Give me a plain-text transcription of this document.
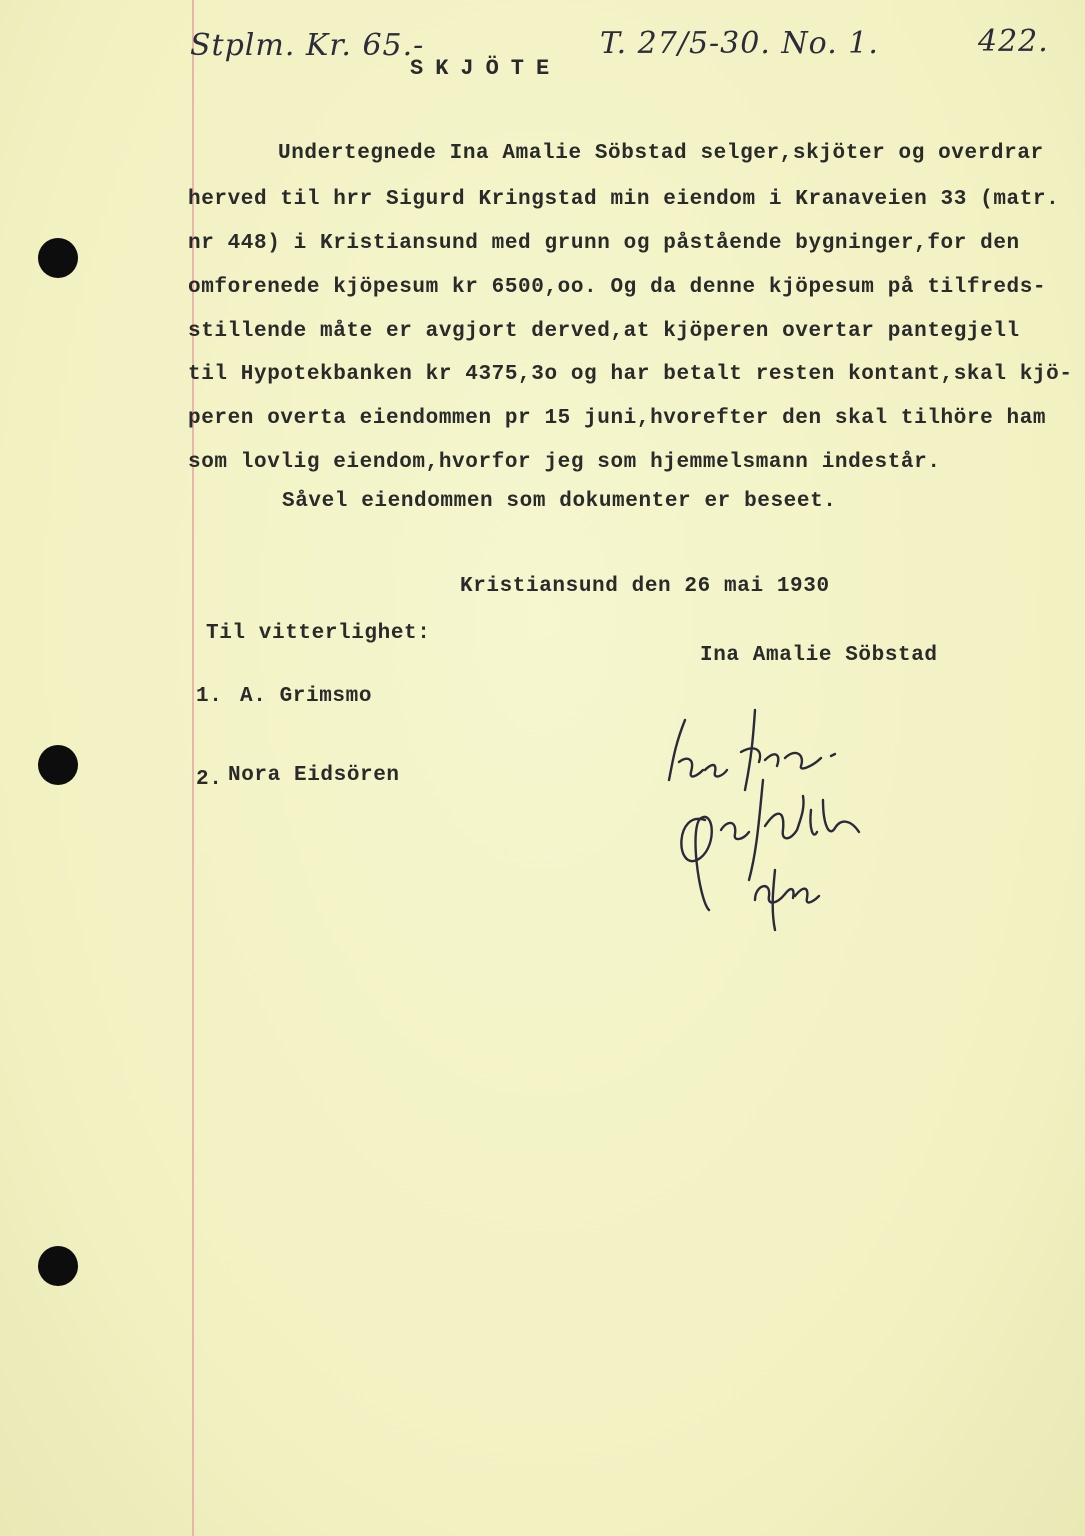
Stplm. Kr. 65.-	T. 27/5-30. No. 1.	422.
SKJÖTE
Undertegnede Ina Amalie Söbstad selger,skjöter og overdrar
herved til hrr Sigurd Kringstad min eiendom i Kranaveien 33 (matr.
nr 448) i Kristiansund med grunn og påstående bygninger,for den
omforenede kjöpesum kr 6500,oo. Og da denne kjöpesum på tilfreds-
stillende måte er avgjort derved,at kjöperen overtar pantegjell
til Hypotekbanken kr 4375,3o og har betalt resten kontant,skal kjö-
peren overta eiendommen pr 15 juni,hvorefter den skal tilhöre ham
som lovlig eiendom,hvorfor jeg som hjemmelsmann indestår.
Såvel eiendommen som dokumenter er beseet.
Kristiansund den 26 mai 1930
Til vitterlighet:
Ina Amalie Söbstad
1. A. Grimsmo
2. Nora Eidsören
